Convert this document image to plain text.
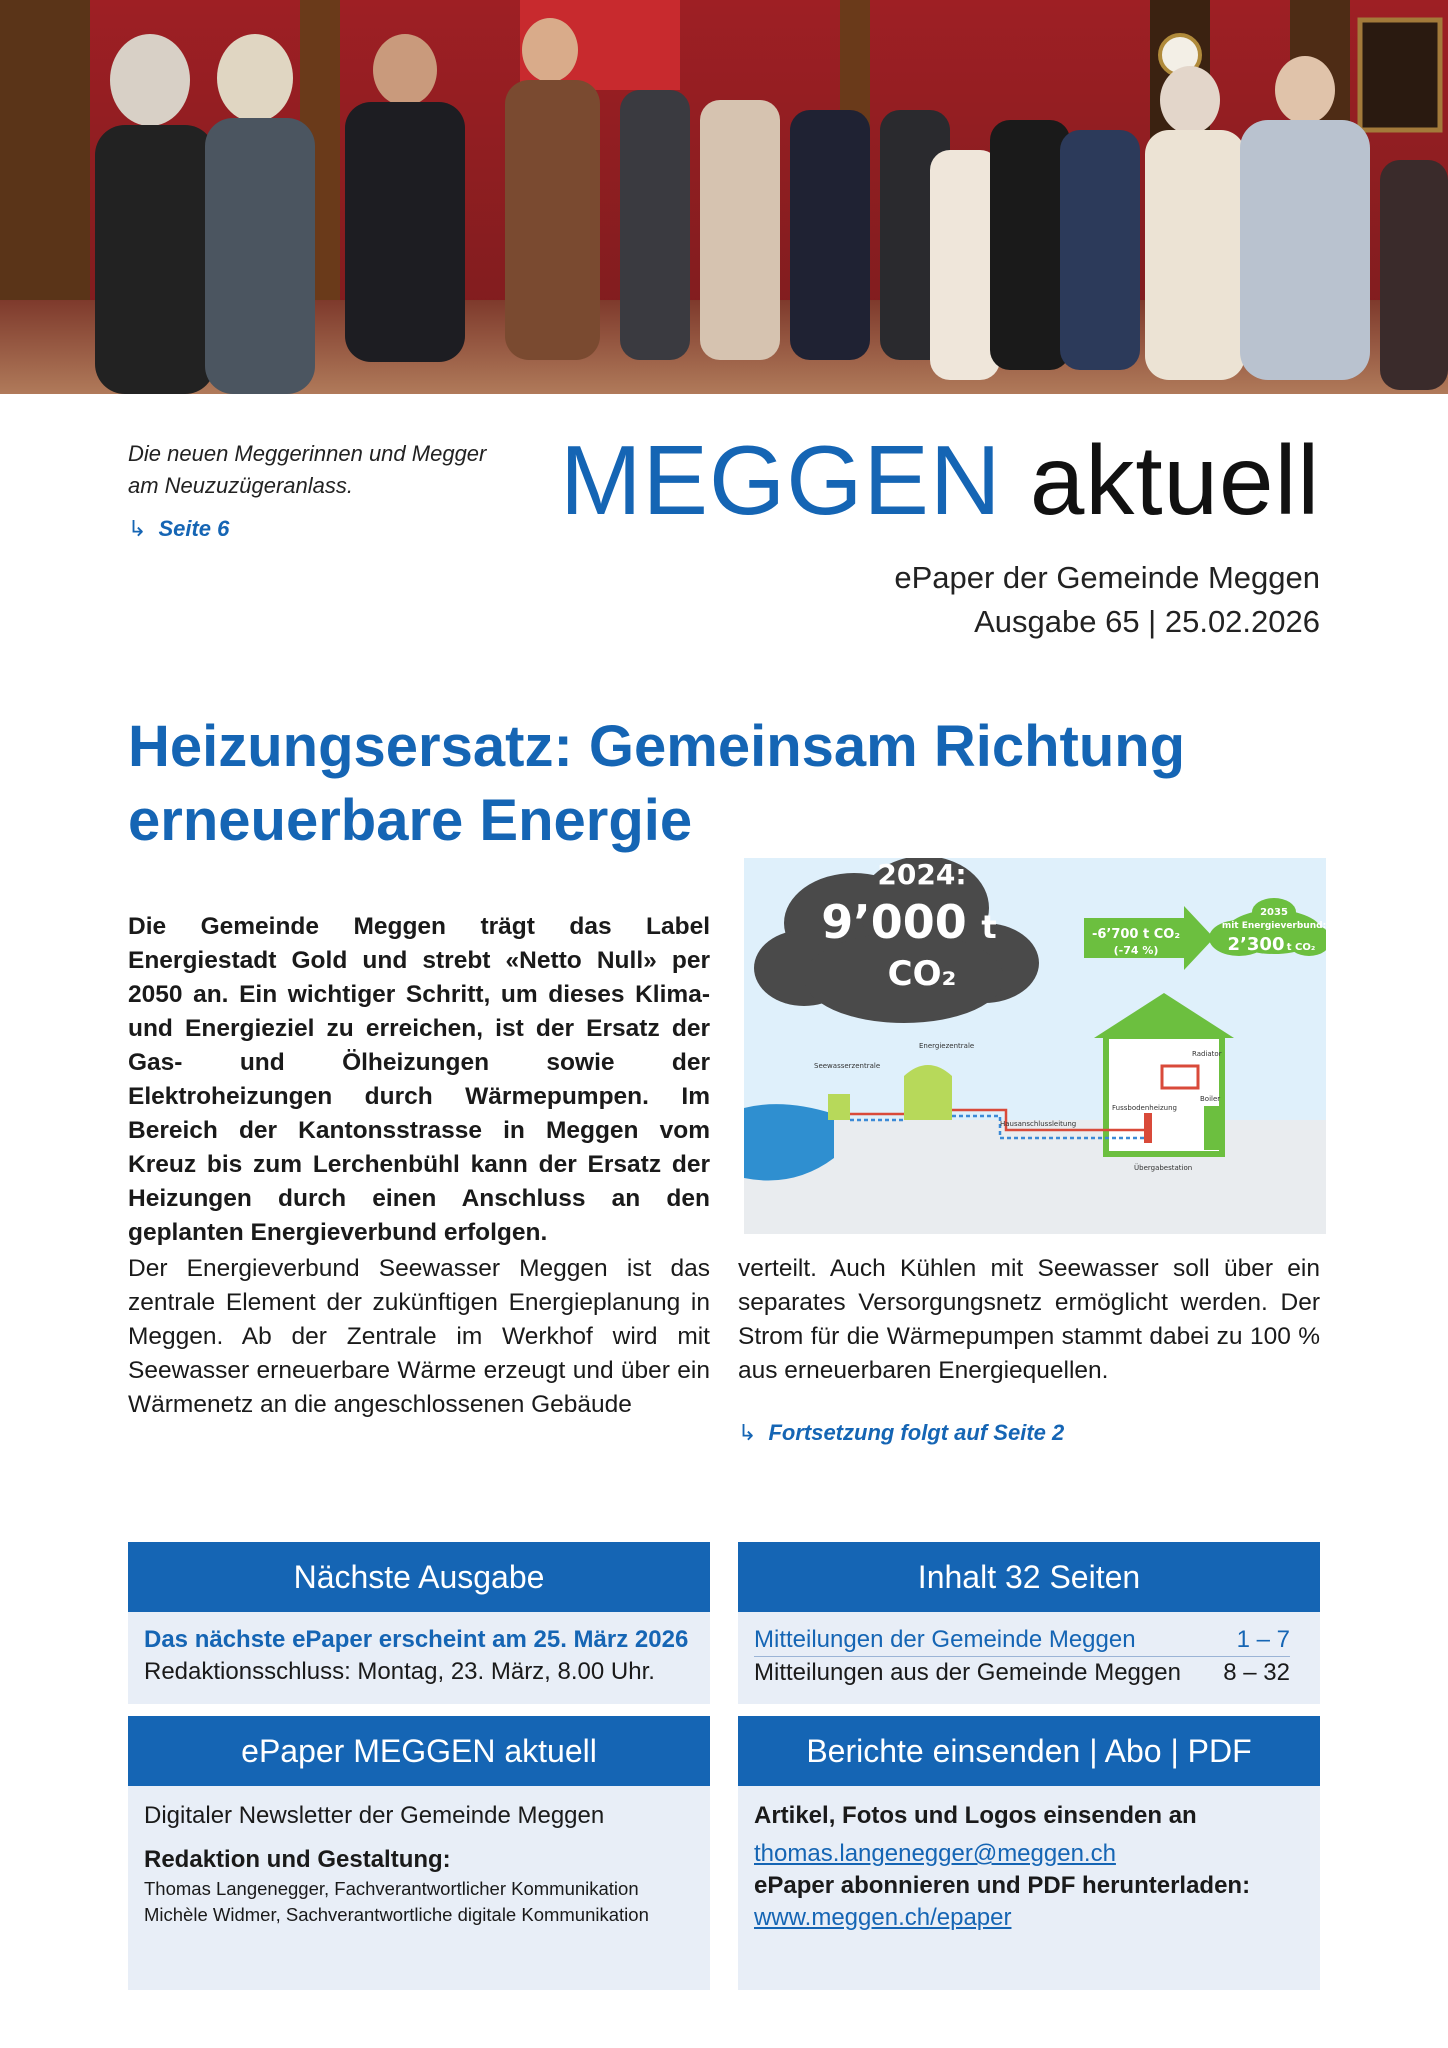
Die neuen Meggerinnen und Megger am Neuzuzügeranlass.
↳ Seite 6	MEGGEN aktuell
ePaper der Gemeinde Meggen
Ausgabe 65 | 25.02.2026
Heizungsersatz: Gemeinsam Richtung
erneuerbare Energie
Die Gemeinde Meggen trägt das Label Energiestadt Gold und strebt «Netto Null» per 2050 an. Ein wichtiger Schritt, um dieses Klima- und Energieziel zu erreichen, ist der Ersatz der Gas- und Ölheizungen sowie der Elektroheizungen durch Wärmepumpen. Im Bereich der Kantonsstrasse in Meggen vom Kreuz bis zum Lerchenbühl kann der Ersatz der Heizungen durch einen Anschluss an den geplanten Energieverbund erfolgen.
2024:
9’000 t
CO₂
-6’700 t CO₂
(-74 %)
2035
mit Energieverbund:
2’300 t CO₂
Seewasserzentrale
Energiezentrale
Fussbodenheizung
Radiator
Boiler
Übergabestation
Hausanschlussleitung
Der Energieverbund Seewasser Meggen ist das zentrale Element der zukünftigen Energieplanung in Meggen. Ab der Zentrale im Werkhof wird mit Seewasser erneuerbare Wärme erzeugt und über ein Wärmenetz an die angeschlossenen Gebäude
verteilt. Auch Kühlen mit Seewasser soll über ein separates Versorgungsnetz ermöglicht werden. Der Strom für die Wärmepumpen stammt dabei zu 100 % aus erneuerbaren Energiequellen.
↳ Fortsetzung folgt auf Seite 2
Nächste Ausgabe
Das nächste ePaper erscheint am 25. März 2026
Redaktionsschluss: Montag, 23. März, 8.00 Uhr.
Inhalt 32 Seiten
Mitteilungen der Gemeinde Meggen	1 – 7
Mitteilungen aus der Gemeinde Meggen 8 – 32
ePaper MEGGEN aktuell
Digitaler Newsletter der Gemeinde Meggen
Redaktion und Gestaltung:
Thomas Langenegger, Fachverantwortlicher Kommunikation
Michèle Widmer, Sachverantwortliche digitale Kommunikation
Berichte einsenden | Abo | PDF
Artikel, Fotos und Logos einsenden an
thomas.langenegger@meggen.ch
ePaper abonnieren und PDF herunterladen:
www.meggen.ch/epaper
